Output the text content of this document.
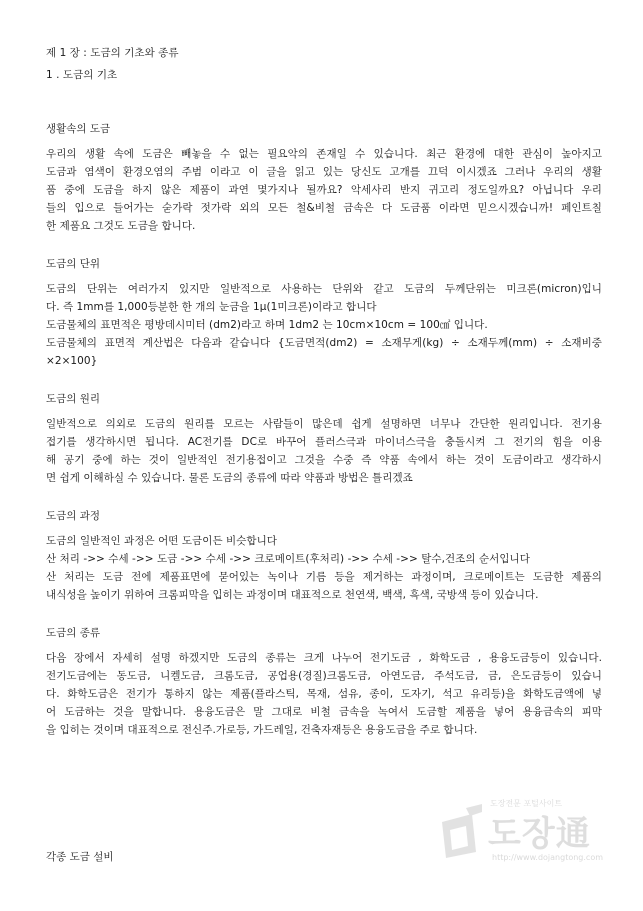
제 1 장 : 도금의 기초와 종류
1 . 도금의 기초
생활속의 도금
우리의 생활 속에 도금은 빼놓을 수 없는 필요악의 존재일 수 있습니다. 최근 환경에 대한 관심이 높아지고
도금과 염색이 환경오염의 주범 이라고 이 글을 읽고 있는 당신도 고개를 끄덕 이시겠죠 그러나 우리의 생활
품 중에 도금을 하지 않은 제품이 과연 몇가지나 될까요? 악세사리 반지 귀고리 정도일까요? 아닙니다 우리
들의 입으로 들어가는 숟가락 젓가락 외의 모든 철&비철 금속은 다 도금품 이라면 믿으시겠습니까! 페인트칠
한 제품요 그것도 도금을 합니다.
도금의 단위
도금의 단위는 여러가지 있지만 일반적으로 사용하는 단위와 같고 도금의 두께단위는 미크론(micron)입니
다. 즉 1mm를 1,000등분한 한 개의 눈금을 1μ(1미크론)이라고 합니다
도금물체의 표면적은 평방데시미터 (dm2)라고 하며 1dm2 는 10cm×10cm = 100㎠ 입니다.
도금물체의 표면적 계산법은 다음과 같습니다 {도금면적(dm2) = 소재무게(kg) ÷ 소재두께(mm) ÷ 소재비중
×2×100}
도금의 원리
일반적으로 의외로 도금의 원리를 모르는 사람들이 많은데 쉽게 설명하면 너무나 간단한 원리입니다. 전기용
접기를 생각하시면 됩니다. AC전기를 DC로 바꾸어 플러스극과 마이너스극을 충돌시켜 그 전기의 힘을 이용
해 공기 중에 하는 것이 일반적인 전기용접이고 그것을 수중 즉 약품 속에서 하는 것이 도금이라고 생각하시
면 쉽게 이해하실 수 있습니다. 물론 도금의 종류에 따라 약품과 방법은 틀리겠죠
도금의 과정
도금의 일반적인 과정은 어떤 도금이든 비슷합니다
산 처리 ->> 수세 ->> 도금 ->> 수세 ->> 크로메이트(후처리) ->> 수세 ->> 탈수,건조의 순서입니다
산 처리는 도금 전에 제품표면에 묻어있는 녹이나 기름 등을 제거하는 과정이며, 크로메이트는 도금한 제품의
내식성을 높이기 위하여 크롬피막을 입히는 과정이며 대표적으로 천연색, 백색, 흑색, 국방색 등이 있습니다.
도금의 종류
다음 장에서 자세히 설명 하겠지만 도금의 종류는 크게 나누어 전기도금 , 화학도금 , 용융도금등이 있습니다.
전기도금에는 동도금, 니켈도금, 크롬도금, 공업용(경질)크롬도금, 아연도금, 주석도금, 금, 은도금등이 있습니
다. 화학도금은 전기가 통하지 않는 제품(플라스틱, 목재, 섬유, 종이, 도자기, 석고 유리등)을 화학도금액에 넣
어 도금하는 것을 말합니다. 용융도금은 말 그대로 비철 금속을 녹여서 도금할 제품을 넣어 용융금속의 피막
을 입히는 것이며 대표적으로 전신주.가로등, 가드레일, 건축자재등은 용융도금을 주로 합니다.
도장전문 포털사이트
도장通
http://www.dojangtong.com
각종 도금 설비
